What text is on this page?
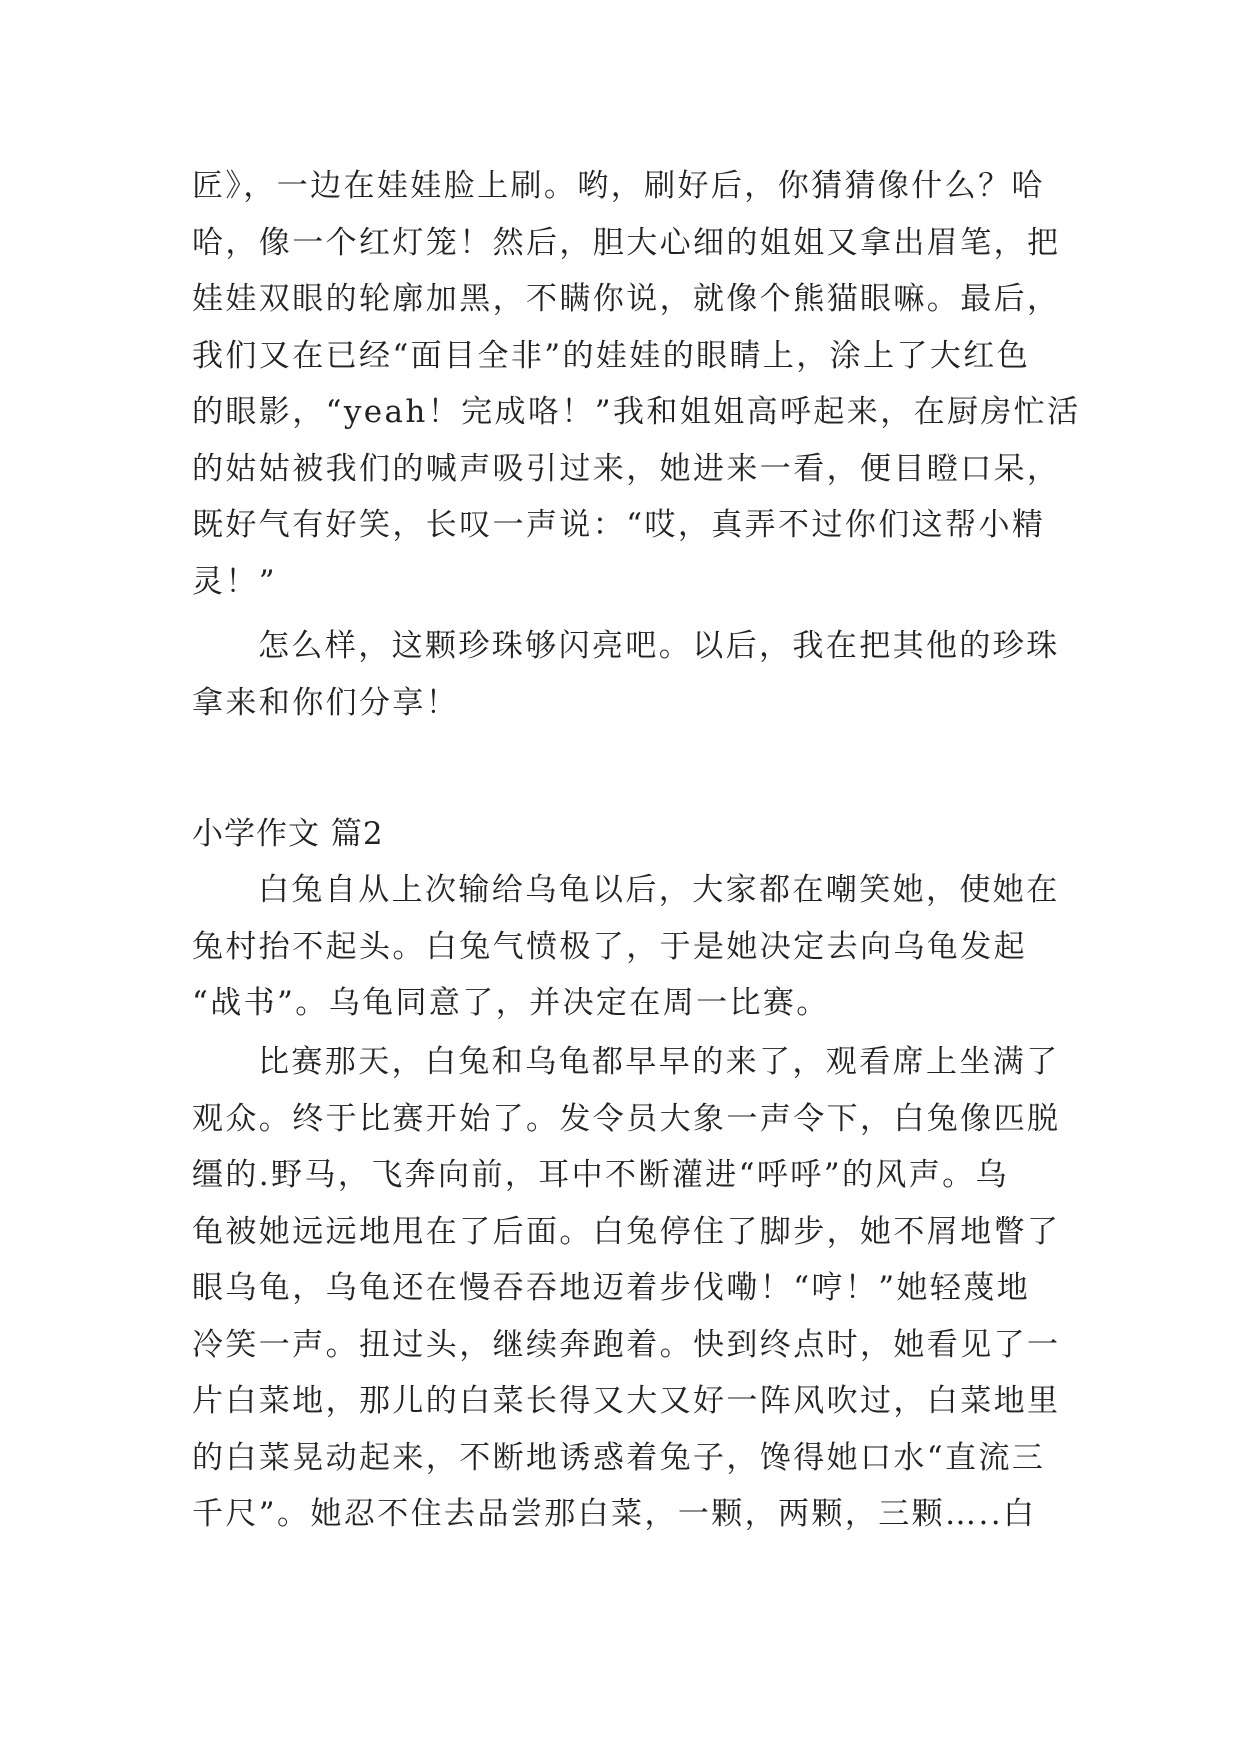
匠》，一边在娃娃脸上刷。哟，刷好后，你猜猜像什么？哈
哈，像一个红灯笼！然后，胆大心细的姐姐又拿出眉笔，把
娃娃双眼的轮廓加黑，不瞒你说，就像个熊猫眼嘛。最后，
我们又在已经“面目全非”的娃娃的眼睛上，涂上了大红色
的眼影，“yeah！完成咯！”我和姐姐高呼起来，在厨房忙活
的姑姑被我们的喊声吸引过来，她进来一看，便目瞪口呆，
既好气有好笑，长叹一声说：“哎，真弄不过你们这帮小精
灵！”
怎么样，这颗珍珠够闪亮吧。以后，我在把其他的珍珠
拿来和你们分享！
小学作文 篇2
白兔自从上次输给乌龟以后，大家都在嘲笑她，使她在
兔村抬不起头。白兔气愤极了，于是她决定去向乌龟发起
“战书”。乌龟同意了，并决定在周一比赛。
比赛那天，白兔和乌龟都早早的来了，观看席上坐满了
观众。终于比赛开始了。发令员大象一声令下，白兔像匹脱
缰的.野马，飞奔向前，耳中不断灌进“呼呼”的风声。乌
龟被她远远地甩在了后面。白兔停住了脚步，她不屑地瞥了
眼乌龟，乌龟还在慢吞吞地迈着步伐嘞！“哼！”她轻蔑地
冷笑一声。扭过头，继续奔跑着。快到终点时，她看见了一
片白菜地，那儿的白菜长得又大又好一阵风吹过，白菜地里
的白菜晃动起来，不断地诱惑着兔子，馋得她口水“直流三
千尺”。她忍不住去品尝那白菜，一颗，两颗，三颗…..白
